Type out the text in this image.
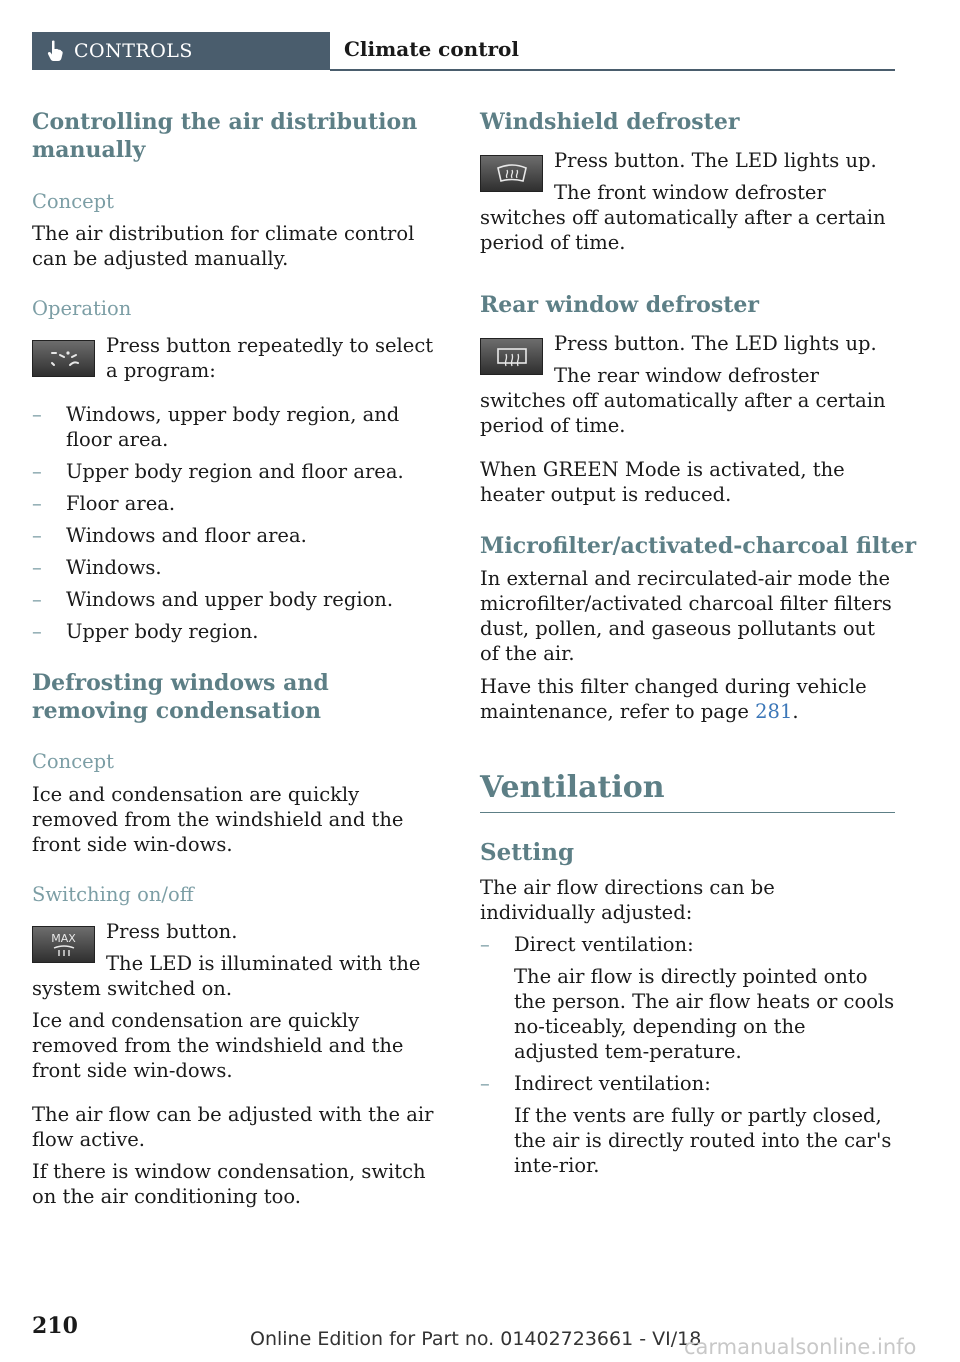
CONTROLS	Climate control
Controlling the air distribution manually
Concept
The air distribution for climate control can be adjusted manually.
Operation
Press button repeatedly to select a program:
– Windows, upper body region, and floor area.
– Upper body region and floor area.
– Floor area.
– Windows and floor area.
– Windows.
– Windows and upper body region.
– Upper body region.
Defrosting windows and removing condensation
Concept
Ice and condensation are quickly removed from the windshield and the front side win‐dows.
Switching on/off
MAX Press button.
The LED is illuminated with the system switched on.
Ice and condensation are quickly removed from the windshield and the front side win‐dows.
The air flow can be adjusted with the air flow active.
If there is window condensation, switch on the air conditioning too.
Windshield defroster
Press button. The LED lights up.
The front window defroster switches off automatically after a certain period of time.
Rear window defroster
Press button. The LED lights up.
The rear window defroster switches off automatically after a certain period of time.
When GREEN Mode is activated, the heater output is reduced.
Microfilter/activated-charcoal filter
In external and recirculated-air mode the microfilter/activated charcoal filter filters dust, pollen, and gaseous pollutants out of the air.
Have this filter changed during vehicle maintenance, refer to page 281.
Ventilation
Setting
The air flow directions can be individually adjusted:
– Direct ventilation:
The air flow is directly pointed onto the person. The air flow heats or cools no‐ticeably, depending on the adjusted tem‐perature.
– Indirect ventilation:
If the vents are fully or partly closed, the air is directly routed into the car's inte‐rior.
210	Online Edition for Part no. 01402723661 - VI/18
carmanualsonline.info
